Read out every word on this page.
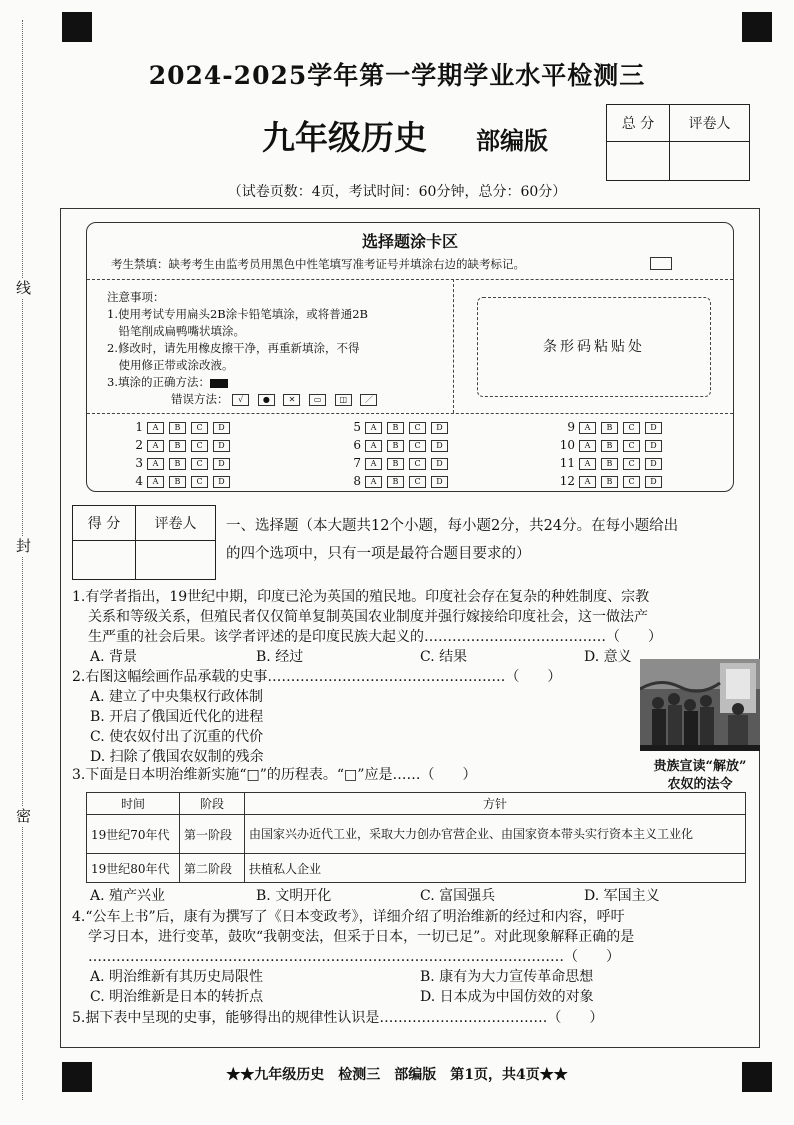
线
封
密
2024-2025学年第一学期学业水平检测三
九年级历史 部编版
（试卷页数：4页，考试时间：60分钟，总分：60分）
总 分	评卷人

选择题涂卡区
考生禁填：缺考考生由监考员用黑色中性笔填写准考证号并填涂右边的缺考标记。
注意事项：
1.使用考试专用扁头2B涂卡铅笔填涂，或将普通2B
　铅笔削成扁鸭嘴状填涂。
2.修改时，请先用橡皮擦干净，再重新填涂，不得
　使用修正带或涂改液。
3.填涂的正确方法：
错误方法： √ ● ✕ ▭ ◫ ／
条形码粘贴处
1 A B C D
2 A B C D
3 A B C D
4 A B C D
5 A B C D
6 A B C D
7 A B C D
8 A B C D
9 A B C D
10 A B C D
11 A B C D
12 A B C D
得 分	评卷人
	一、选择题（本大题共12个小题，每小题2分，共24分。在每小题给出
的四个选项中，只有一项是最符合题目要求的）
1.有学者指出，19世纪中期，印度已沦为英国的殖民地。印度社会存在复杂的种姓制度、宗教
关系和等级关系，但殖民者仅仅简单复制英国农业制度并强行嫁接给印度社会，这一做法产
生严重的社会后果。该学者评述的是印度民族大起义的…………………………………（　　）
A. 背景	B. 经过	C. 结果	D. 意义
2.右图这幅绘画作品承载的史事……………………………………………（　　）
A. 建立了中央集权行政体制
B. 开启了俄国近代化的进程
C. 使农奴付出了沉重的代价
D. 扫除了俄国农奴制的残余
贵族宣读“解放”
农奴的法令
3.下面是日本明治维新实施“□”的历程表。“□”应是……（　　）
时间	阶段	方针
19世纪70年代	第一阶段	由国家兴办近代工业，采取大力创办官营企业、由国家资本带头实行资本主义工业化
19世纪80年代	第二阶段	扶植私人企业
A. 殖产兴业	B. 文明开化	C. 富国强兵	D. 军国主义
4.“公车上书”后，康有为撰写了《日本变政考》，详细介绍了明治维新的经过和内容，呼吁
学习日本，进行变革，鼓吹“我朝变法，但采于日本，一切已足”。对此现象解释正确的是
…………………………………………………………………………………………（　　）
A. 明治维新有其历史局限性	B. 康有为大力宣传革命思想
C. 明治维新是日本的转折点	D. 日本成为中国仿效的对象
5.据下表中呈现的史事，能够得出的规律性认识是………………………………（　　）
★★九年级历史　检测三　部编版　第1页，共4页★★
